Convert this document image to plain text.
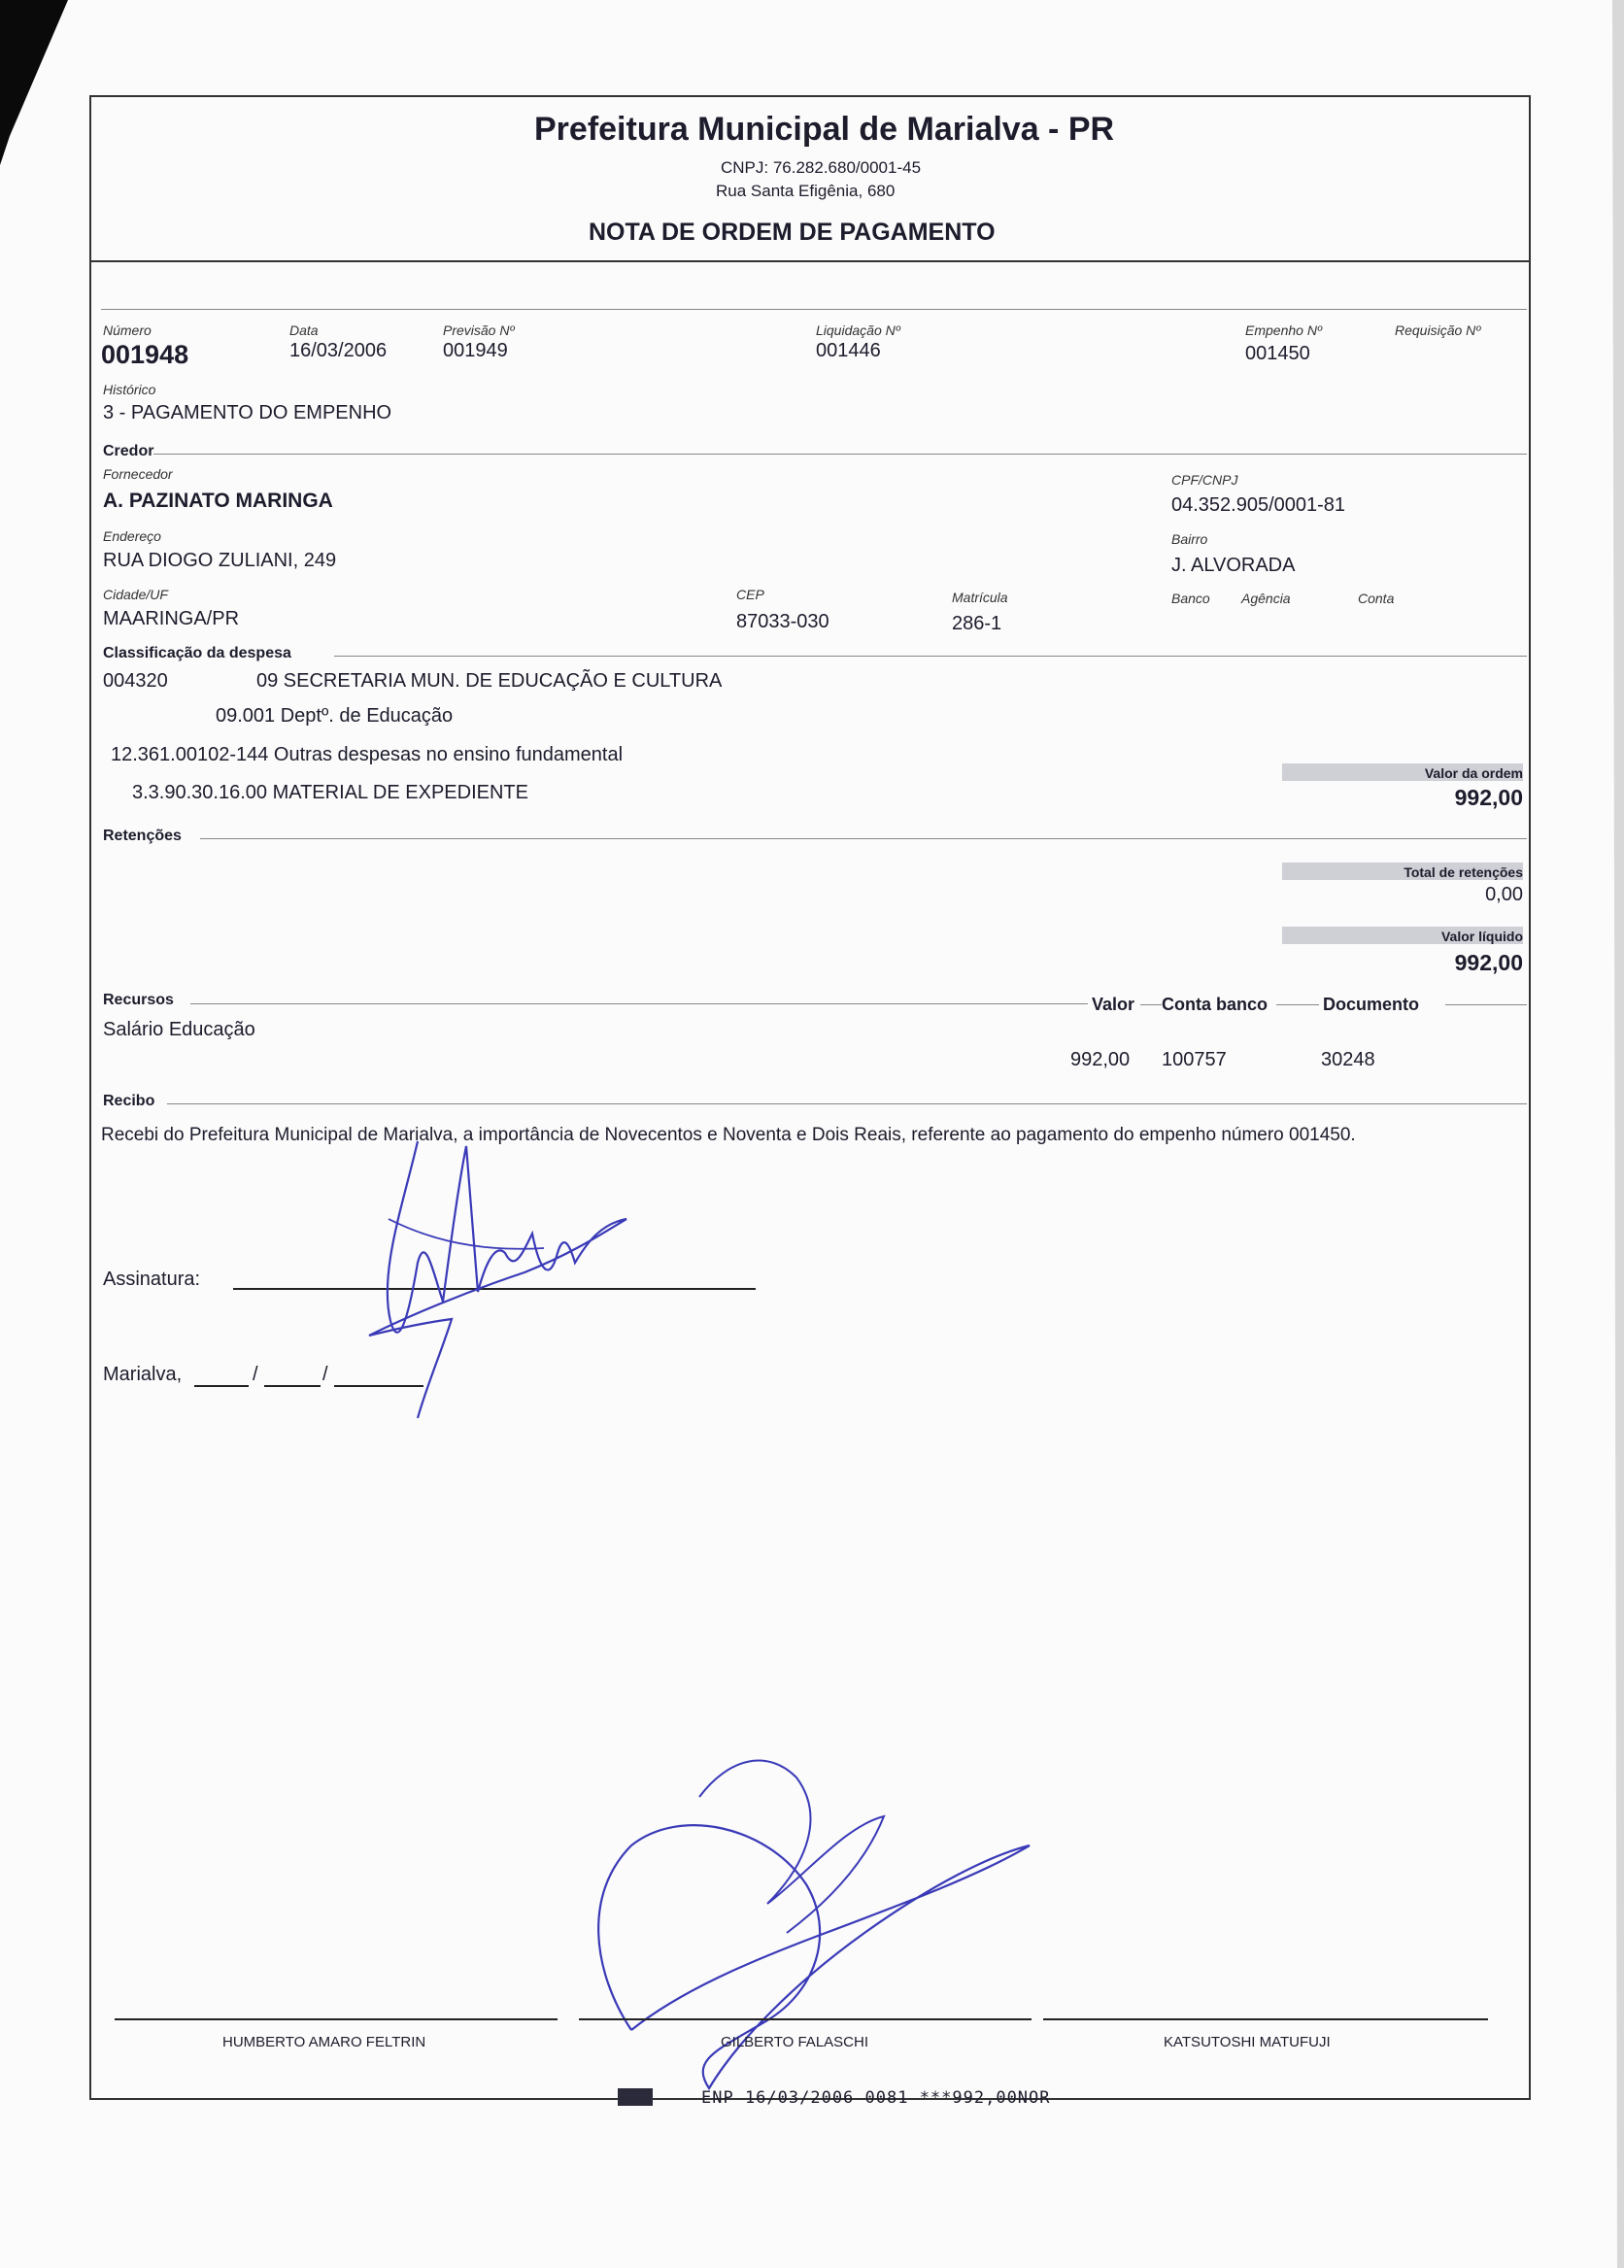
Prefeitura Municipal de Marialva - PR
CNPJ: 76.282.680/0001-45
Rua Santa Efigênia, 680
NOTA DE ORDEM DE PAGAMENTO
Número
001948
Data
16/03/2006
Previsão Nº
001949
Liquidação Nº
001446
Empenho Nº
001450
Requisição Nº
Histórico
3 - PAGAMENTO DO EMPENHO
Credor
Fornecedor
A. PAZINATO MARINGA
CPF/CNPJ
04.352.905/0001-81
Endereço
RUA DIOGO ZULIANI, 249
Bairro
J. ALVORADA
Cidade/UF
MAARINGA/PR
CEP
87033-030
Matrícula
286-1
Banco Agência	Conta
Classificação da despesa
004320	09 SECRETARIA MUN. DE EDUCAÇÃO E CULTURA
09.001 Deptº. de Educação
12.361.00102-144 Outras despesas no ensino fundamental
3.3.90.30.16.00 MATERIAL DE EXPEDIENTE
Valor da ordem
992,00
Retenções
Total de retenções
0,00
Valor líquido
992,00
Recursos	Valor Conta banco	Documento
Salário Educação
992,00 100757	30248
Recibo
Recebi do Prefeitura Municipal de Marialva, a importância de Novecentos e Noventa e Dois Reais, referente ao pagamento do empenho número 001450.
Assinatura:
Marialva,	/	/
HUMBERTO AMARO FELTRIN	GILBERTO FALASCHI	KATSUTOSHI MATUFUJI
ENP 16/03/2006 0081 ***992,00NOR
